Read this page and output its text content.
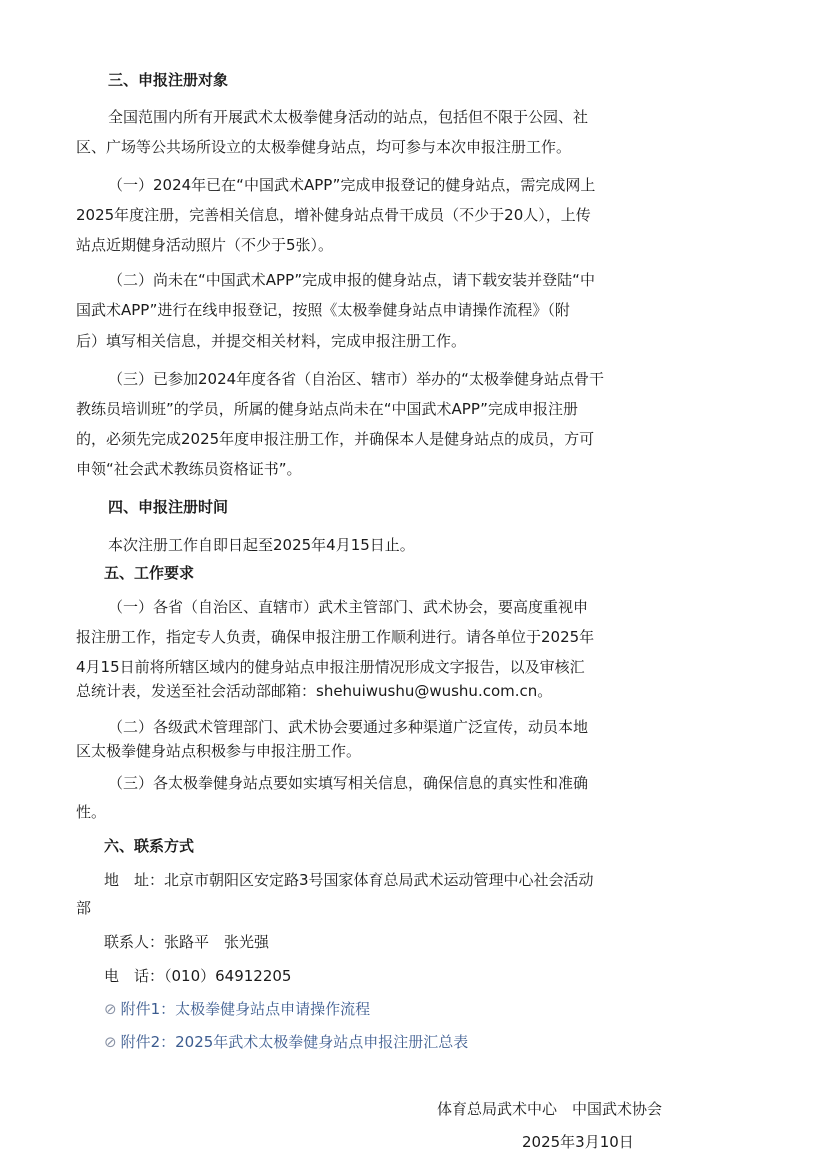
三、申报注册对象
全国范围内所有开展武术太极拳健身活动的站点，包括但不限于公园、社
区、广场等公共场所设立的太极拳健身站点，均可参与本次申报注册工作。
（一）2024年已在“中国武术APP”完成申报登记的健身站点，需完成网上
2025年度注册，完善相关信息，增补健身站点骨干成员（不少于20人），上传
站点近期健身活动照片（不少于5张）。
（二）尚未在“中国武术APP”完成申报的健身站点，请下载安装并登陆“中
国武术APP”进行在线申报登记，按照《太极拳健身站点申请操作流程》（附
后）填写相关信息，并提交相关材料，完成申报注册工作。
（三）已参加2024年度各省（自治区、辖市）举办的“太极拳健身站点骨干
教练员培训班”的学员，所属的健身站点尚未在“中国武术APP”完成申报注册
的，必须先完成2025年度申报注册工作，并确保本人是健身站点的成员，方可
申领“社会武术教练员资格证书”。
四、申报注册时间
本次注册工作自即日起至2025年4月15日止。
五、工作要求
（一）各省（自治区、直辖市）武术主管部门、武术协会，要高度重视申
报注册工作，指定专人负责，确保申报注册工作顺利进行。请各单位于2025年
4月15日前将所辖区域内的健身站点申报注册情况形成文字报告，以及审核汇
总统计表，发送至社会活动部邮箱：shehuiwushu@wushu.com.cn。
（二）各级武术管理部门、武术协会要通过多种渠道广泛宣传，动员本地
区太极拳健身站点积极参与申报注册工作。
（三）各太极拳健身站点要如实填写相关信息，确保信息的真实性和准确
性。
六、联系方式
地　址：北京市朝阳区安定路3号国家体育总局武术运动管理中心社会活动
部
联系人：张路平　张光强
电　话：（010）64912205
⊘ 附件1：太极拳健身站点申请操作流程
⊘ 附件2：2025年武术太极拳健身站点申报注册汇总表
体育总局武术中心　中国武术协会
2025年3月10日
